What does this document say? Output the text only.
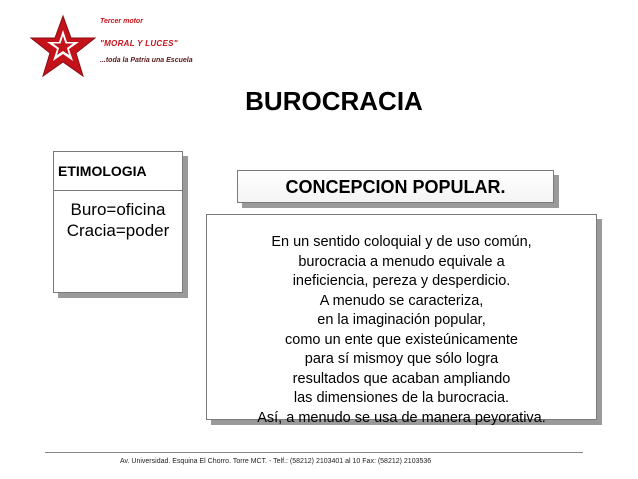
Tercer motor
"MORAL Y LUCES"
...toda la Patria una Escuela
BUROCRACIA
ETIMOLOGIA
Buro=oficina
Cracia=poder
CONCEPCION POPULAR.
En un sentido coloquial y de uso común,
burocracia a menudo equivale a
ineficiencia, pereza y desperdicio.
A menudo se caracteriza,
en la imaginación popular,
como un ente que existeúnicamente
para sí mismoy que sólo logra
resultados que acaban ampliando
las dimensiones de la burocracia.
Así, a menudo se usa de manera peyorativa.
Av. Universidad. Esquina El Chorro. Torre MCT. - Telf.: (58212) 2103401 al 10 Fax: (58212) 2103536
